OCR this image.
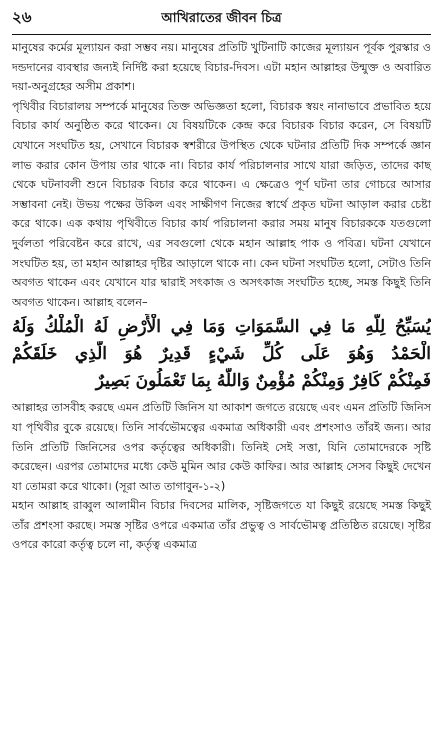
২৬	আখিরাতের জীবন চিত্র

মানুষের কর্মের মূল্যায়ন করা সম্ভব নয়। মানুষের প্রতিটি খুটিনাটি কাজের মূল্যায়ন পূর্বক পুরস্কার ও দন্ডদানের ব্যবস্থার জন্যই নির্দিষ্ট করা হয়েছে বিচার-দিবস। এটা মহান আল্লাহর উন্মুক্ত ও অবারিত দয়া-অনুগ্রহের অসীম প্রকাশ।

পৃথিবীর বিচারালয় সম্পর্কে মানুষের তিক্ত অভিজ্ঞতা হলো, বিচারক স্বয়ং নানাভাবে প্রভাবিত হয়ে বিচার কার্য অনুষ্ঠিত করে থাকেন। যে বিষয়টিকে কেন্দ্র করে বিচারক বিচার করেন, সে বিষয়টি যেখানে সংঘটিত হয়, সেখানে বিচারক স্বশরীরে উপস্থিত থেকে ঘটনার প্রতিটি দিক সম্পর্কে জ্ঞান লাভ করার কোন উপায় তার থাকে না। বিচার কার্য পরিচালনার সাথে যারা জড়িত, তাদের কাছ থেকে ঘটনাবলী শুনে বিচারক বিচার করে থাকেন। এ ক্ষেত্রেও পূর্ণ ঘটনা তার গোচরে আসার সম্ভাবনা নেই। উভয় পক্ষের উকিল এবং সাক্ষীগণ নিজের স্বার্থে প্রকৃত ঘটনা আড়াল করার চেষ্টা করে থাকে। এক কথায় পৃথিবীতে বিচার কার্য পরিচালনা করার সময় মানুষ বিচারককে যতগুলো দুর্বলতা পরিবেষ্টন করে রাখে, এর সবগুলো থেকে মহান আল্লাহ পাক ও পবিত্র। ঘটনা যেখানে সংঘটিত হয়, তা মহান আল্লাহর দৃষ্টির আড়ালে থাকে না। কেন ঘটনা সংঘটিত হলো, সেটাও তিনি অবগত থাকেন এবং যেখানে যার দ্বারাই সৎকাজ ও অসৎকাজ সংঘটিত হচ্ছে, সমস্ত কিছুই তিনি অবগত থাকেন। আল্লাহ বলেন–

يُسَبِّحُ لِلَّهِ مَا فِي السَّمَوَاتِ وَمَا فِي الْأَرْضِ لَهُ الْمُلْكُ وَلَهُ
الْحَمْدُ وَهُوَ عَلَى كُلِّ شَيْءٍ قَدِيرٌ هُوَ الَّذِي خَلَقَكُمْ
فَمِنْكُمْ كَافِرٌ وَمِنْكُمْ مُؤْمِنٌ وَاللَّهُ بِمَا تَعْمَلُونَ بَصِيرٌ

আল্লাহর তাসবীহ করছে এমন প্রতিটি জিনিস যা আকাশ জগতে রয়েছে এবং এমন প্রতিটি জিনিস যা পৃথিবীর বুকে রয়েছে। তিনি সার্বভৌমত্বের একমাত্র অধিকারী এবং প্রশংসাও তাঁরই জন্য। আর তিনি প্রতিটি জিনিসের ওপর কর্তৃত্বের অধিকারী। তিনিই সেই সত্তা, যিনি তোমাদেরকে সৃষ্টি করেছেন। এরপর তোমাদের মধ্যে কেউ মুমিন আর কেউ কাফির। আর আল্লাহ সেসব কিছুই দেখেন যা তোমরা করে থাকো। (সূরা আত তাগাবুন-১-২)

মহান আল্লাহ রাব্বুল আলামীন বিচার দিবসের মালিক, সৃষ্টিজগতে যা কিছুই রয়েছে সমস্ত কিছুই তাঁর প্রশংসা করছে। সমস্ত সৃষ্টির ওপরে একমাত্র তাঁর প্রভুত্ব ও সার্বভৌমত্ব প্রতিষ্ঠিত রয়েছে। সৃষ্টির ওপরে কারো কর্তৃত্ব চলে না, কর্তৃত্ব একমাত্র
